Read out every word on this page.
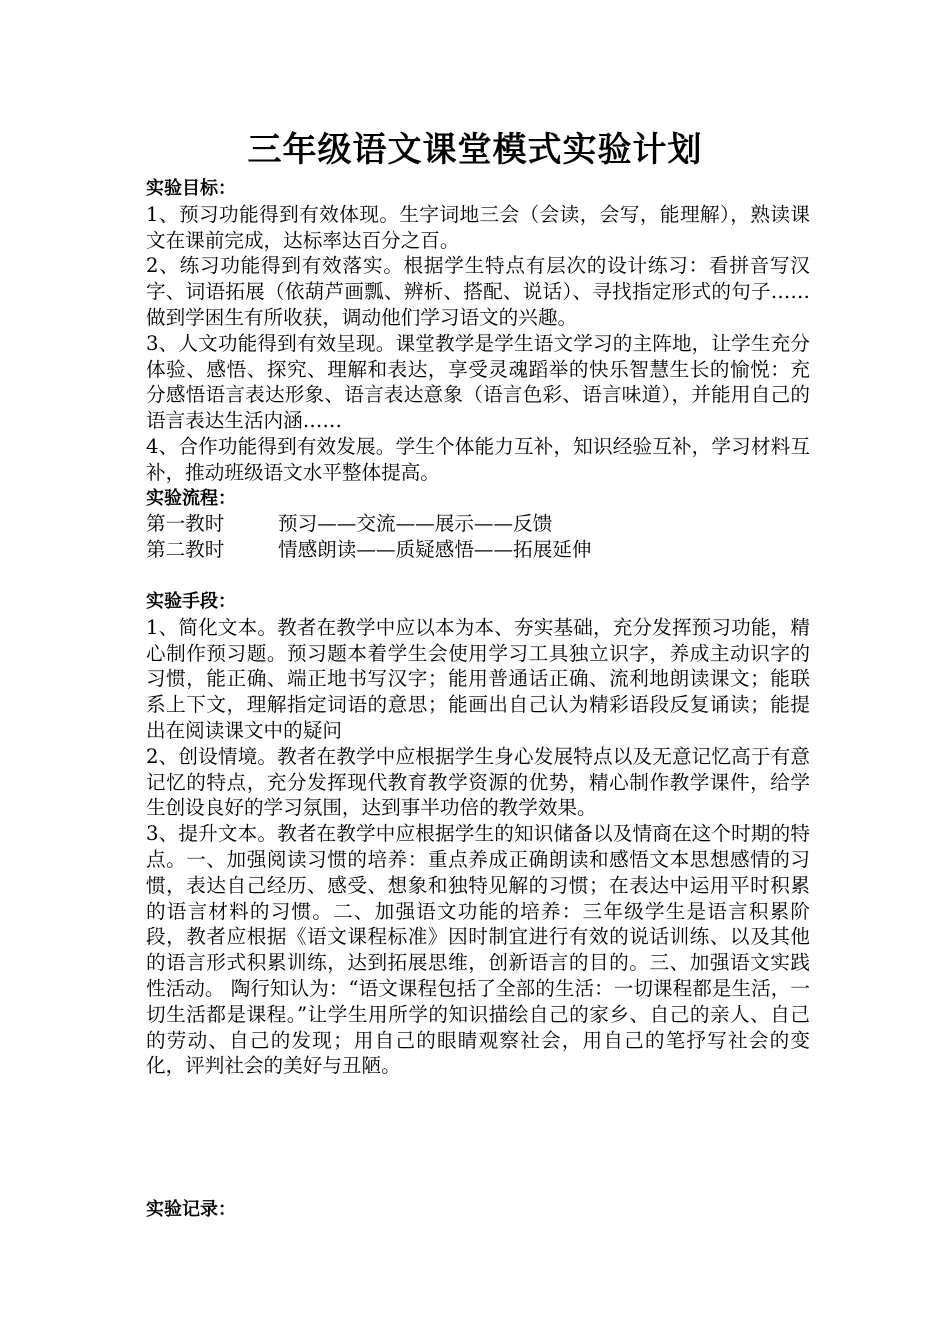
三年级语文课堂模式实验计划
实验目标：

1、预习功能得到有效体现。生字词地三会（会读，会写，能理解），熟读课文在课前完成，达标率达百分之百。

2、练习功能得到有效落实。根据学生特点有层次的设计练习：看拼音写汉字、词语拓展（依葫芦画瓢、辨析、搭配、说话）、寻找指定形式的句子……做到学困生有所收获，调动他们学习语文的兴趣。

3、人文功能得到有效呈现。课堂教学是学生语文学习的主阵地，让学生充分体验、感悟、探究、理解和表达，享受灵魂蹈举的快乐智慧生长的愉悦：充分感悟语言表达形象、语言表达意象（语言色彩、语言味道），并能用自己的语言表达生活内涵……

4、合作功能得到有效发展。学生个体能力互补，知识经验互补，学习材料互补，推动班级语文水平整体提高。

实验流程：
第一教时	预习——交流——展示——反馈
第二教时	情感朗读——质疑感悟——拓展延伸
实验手段：

1、简化文本。教者在教学中应以本为本、夯实基础，充分发挥预习功能，精心制作预习题。预习题本着学生会使用学习工具独立识字，养成主动识字的习惯，能正确、端正地书写汉字；能用普通话正确、流利地朗读课文；能联系上下文，理解指定词语的意思；能画出自己认为精彩语段反复诵读；能提出在阅读课文中的疑问

2、创设情境。教者在教学中应根据学生身心发展特点以及无意记忆高于有意记忆的特点，充分发挥现代教育教学资源的优势，精心制作教学课件，给学生创设良好的学习氛围，达到事半功倍的教学效果。

3、提升文本。教者在教学中应根据学生的知识储备以及情商在这个时期的特点。一、加强阅读习惯的培养：重点养成正确朗读和感悟文本思想感情的习惯，表达自己经历、感受、想象和独特见解的习惯；在表达中运用平时积累的语言材料的习惯。二、加强语文功能的培养：三年级学生是语言积累阶段，教者应根据《语文课程标准》因时制宜进行有效的说话训练、以及其他的语言形式积累训练，达到拓展思维，创新语言的目的。三、加强语文实践性活动。 陶行知认为：“语文课程包括了全部的生活：一切课程都是生活，一切生活都是课程。”让学生用所学的知识描绘自己的家乡、自己的亲人、自己的劳动、自己的发现；用自己的眼睛观察社会，用自己的笔抒写社会的变化，评判社会的美好与丑陋。

实验记录：
